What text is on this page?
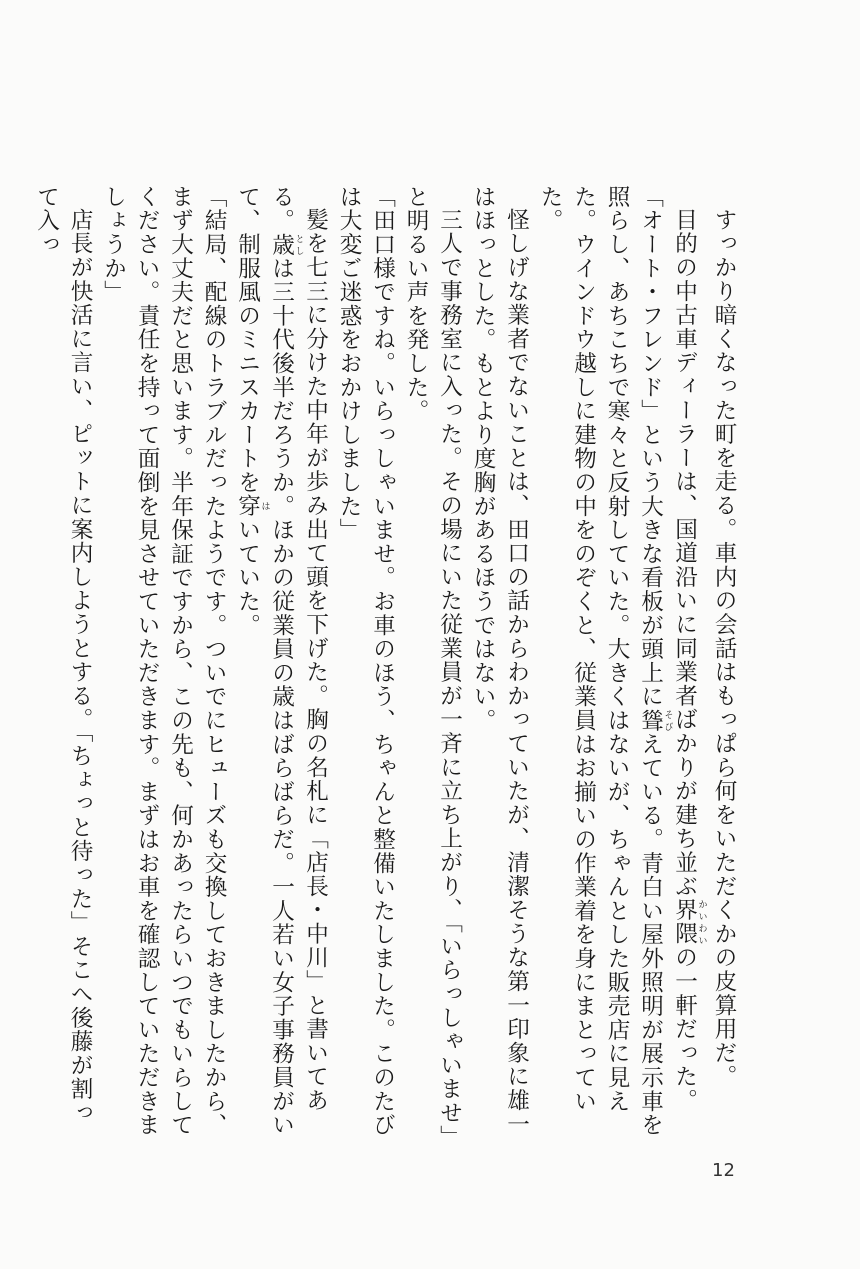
すっかり暗くなった町を走る。車内の会話はもっぱら何をいただくかの皮算用だ。

目的の中古車ディーラーは、国道沿いに同業者ばかりが建ち並ぶ界隈 かいわいの一軒だった。「オート・フレンド」という大きな看板が頭上に聳 そびえている。青白い屋外照明が展示車を照らし、あちこちで寒々と反射していた。大きくはないが、ちゃんとした販売店に見えた。ウインドウ越しに建物の中をのぞくと、従業員はお揃いの作業着を身にまとっていた。

怪しげな業者でないことは、田口の話からわかっていたが、清潔そうな第一印象に雄一はほっとした。もとより度胸があるほうではない。

三人で事務室に入った。その場にいた従業員が一斉に立ち上がり、「いらっしゃいませ」と明るい声を発した。

「田口様ですね。いらっしゃいませ。お車のほう、ちゃんと整備いたしました。このたびは大変ご迷惑をおかけしました」

髪を七三に分けた中年が歩み出て頭を下げた。胸の名札に「店長・中川」と書いてある。歳 としは三十代後半だろうか。ほかの従業員の歳はばらばらだ。一人若い女子事務員がいて、制服風のミニスカートを穿 はいていた。

「結局、配線のトラブルだったようです。ついでにヒューズも交換しておきましたから、まず大丈夫だと思います。半年保証ですから、この先も、何かあったらいつでもいらしてください。責任を持って面倒を見させていただきます。まずはお車を確認していただきましょうか」

店長が快活に言い、ピットに案内しようとする。「ちょっと待った」そこへ後藤が割って入っ

12
